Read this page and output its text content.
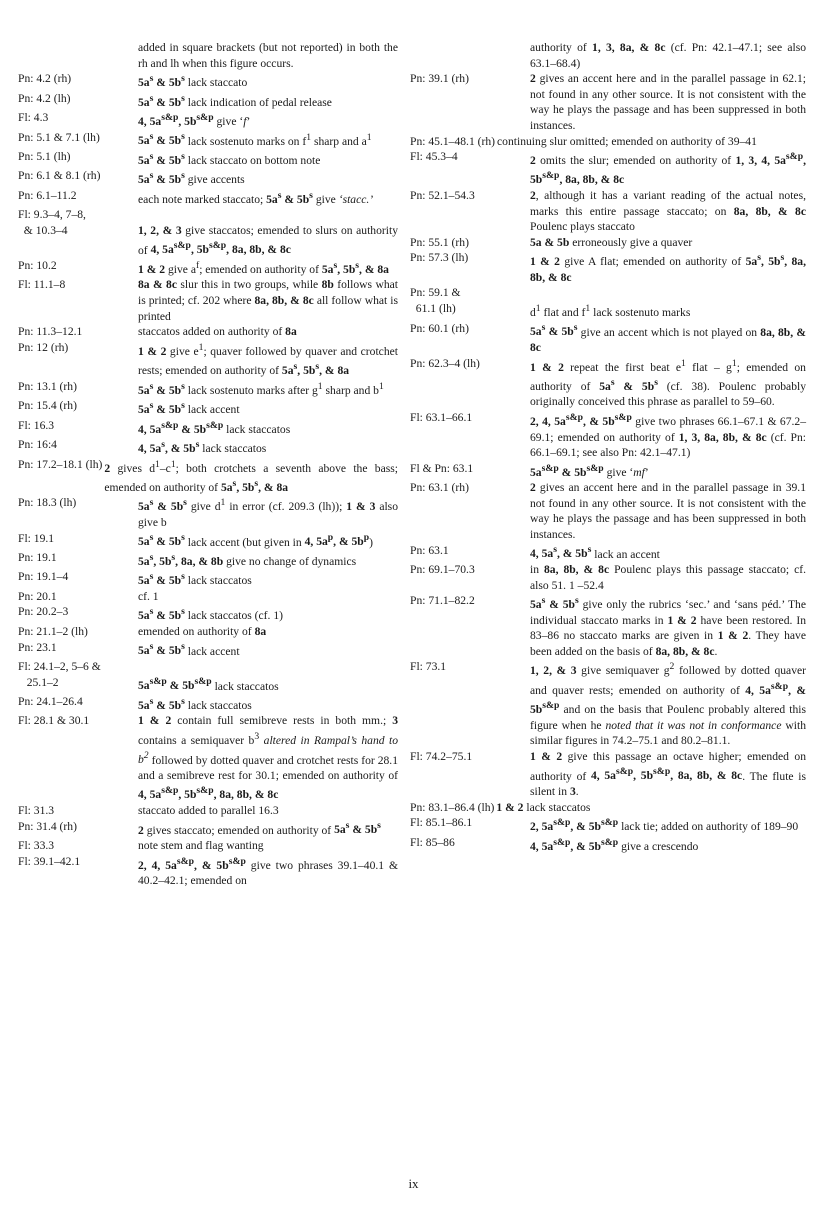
added in square brackets (but not reported) in both the rh and lh when this figure occurs.
Pn: 4.2 (rh)	$5a^s$ & $5b^s$ lack staccato
Pn: 4.2 (lh)	$5a^s$ & $5b^s$ lack indication of pedal release
Fl: 4.3	4, $5a^{s\&p}$, $5b^{s\&p}$ give ‘f’
Pn: 5.1 & 7.1 (lh)	$5a^s$ & $5b^s$ lack sostenuto marks on $f^1$ sharp and $a^1$
Pn: 5.1 (lh)	$5a^s$ & $5b^s$ lack staccato on bottom note
Pn: 6.1 & 8.1 (rh)	$5a^s$ & $5b^s$ give accents
Pn: 6.1–11.2	each note marked staccato; $5a^s$ & $5b^s$ give ‘stacc.’
Fl: 9.3–4, 7–8,
& 10.3–4	1, 2, & 3 give staccatos; emended to slurs on authority of 4, $5a^{s\&p}$, $5b^{s\&p}$, 8a, 8b, & 8c
Pn: 10.2	1 & 2 give $a^f$; emended on authority of $5a^s$, $5b^s$, & 8a
Fl: 11.1–8	8a & 8c slur this in two groups, while 8b follows what is printed; cf. 202 where 8a, 8b, & 8c all follow what is printed
Pn: 11.3–12.1	staccatos added on authority of 8a
Pn: 12 (rh)	1 & 2 give $e^1$; quaver followed by quaver and crotchet rests; emended on authority of $5a^s$, $5b^s$, & 8a
Pn: 13.1 (rh)	$5a^s$ & $5b^s$ lack sostenuto marks after $g^1$ sharp and $b^1$
Pn: 15.4 (rh)	$5a^s$ & $5b^s$ lack accent
Fl: 16.3	4, $5a^{s\&p}$ & $5b^{s\&p}$ lack staccatos
Pn: 16:4	4, $5a^s$, & $5b^s$ lack staccatos
Pn: 17.2–18.1 (lh) 2 gives $d^1-c^1$; both crotchets a seventh above the bass; emended on authority of $5a^s$, $5b^s$, & 8a
Pn: 18.3 (lh)	$5a^s$ & $5b^s$ give $d^1$ in error (cf. 209.3 (lh)); 1 & 3 also give b
Fl: 19.1	$5a^s$ & $5b^s$ lack accent (but given in 4, $5a^p$, & $5b^p$)
Pn: 19.1	$5a^s$, $5b^s$, 8a, & 8b give no change of dynamics
Pn: 19.1–4	$5a^s$ & $5b^s$ lack staccatos
Pn: 20.1	cf. 1
Pn: 20.2–3	$5a^s$ & $5b^s$ lack staccatos (cf. 1)
Pn: 21.1–2 (lh)	emended on authority of 8a
Pn: 23.1	$5a^s$ & $5b^s$ lack accent
Fl: 24.1–2, 5–6 &
25.1–2	$5a^{s\&p}$ & $5b^{s\&p}$ lack staccatos
Pn: 24.1–26.4	$5a^s$ & $5b^s$ lack staccatos
Fl: 28.1 & 30.1	1 & 2 contain full semibreve rests in both mm.; 3 contains a semiquaver $b^3$ altered in Rampal’s hand to $b^2$ followed by dotted quaver and crotchet rests for 28.1 and a semibreve rest for 30.1; emended on authority of 4, $5a^{s\&p}$, $5b^{s\&p}$, 8a, 8b, & 8c
Fl: 31.3	staccato added to parallel 16.3
Pn: 31.4 (rh)	2 gives staccato; emended on authority of $5a^s$ & $5b^s$
Fl: 33.3	note stem and flag wanting
Fl: 39.1–42.1	2, 4, $5a^{s\&p}$, & $5b^{s\&p}$ give two phrases 39.1–40.1 & 40.2–42.1; emended on
authority of 1, 3, 8a, & 8c (cf. Pn: 42.1–47.1; see also 63.1–68.4)
Pn: 39.1 (rh)	2 gives an accent here and in the parallel passage in 62.1; not found in any other source. It is not consistent with the way he plays the passage and has been suppressed in both instances.
Pn: 45.1–48.1 (rh) continuing slur omitted; emended on authority of 39–41
Fl: 45.3–4	2 omits the slur; emended on authority of 1, 3, 4, $5a^{s\&p}$, $5b^{s\&p}$, 8a, 8b, & 8c
Pn: 52.1–54.3	2, although it has a variant reading of the actual notes, marks this entire passage staccato; on 8a, 8b, & 8c Poulenc plays staccato
Pn: 55.1 (rh)	5a & 5b erroneously give a quaver
Pn: 57.3 (lh)	1 & 2 give A flat; emended on authority of $5a^s$, $5b^s$, 8a, 8b, & 8c
Pn: 59.1 &
61.1 (lh)	$d^1$ flat and $f^1$ lack sostenuto marks
Pn: 60.1 (rh)	$5a^s$ & $5b^s$ give an accent which is not played on 8a, 8b, & 8c
Pn: 62.3–4 (lh)	1 & 2 repeat the first beat $e^1$ flat – $g^1$; emended on authority of $5a^s$ & $5b^s$ (cf. 38). Poulenc probably originally conceived this phrase as parallel to 59–60.
Fl: 63.1–66.1	2, 4, $5a^{s\&p}$, & $5b^{s\&p}$ give two phrases 66.1–67.1 & 67.2–69.1; emended on authority of 1, 3, 8a, 8b, & 8c (cf. Pn: 66.1–69.1; see also Pn: 42.1–47.1)
Fl & Pn: 63.1	$5a^{s\&p}$ & $5b^{s\&p}$ give ‘mf’
Pn: 63.1 (rh)	2 gives an accent here and in the parallel passage in 39.1 not found in any other source. It is not consistent with the way he plays the passage and has been suppressed in both instances.
Pn: 63.1	4, $5a^s$, & $5b^s$ lack an accent
Pn: 69.1–70.3	in 8a, 8b, & 8c Poulenc plays this passage staccato; cf. also 51. 1 –52.4
Pn: 71.1–82.2	$5a^s$ & $5b^s$ give only the rubrics ‘sec.’ and ‘sans péd.’ The individual staccato marks in 1 & 2 have been restored. In 83–86 no staccato marks are given in 1 & 2. They have been added on the basis of 8a, 8b, & 8c.
Fl: 73.1	1, 2, & 3 give semiquaver $g^2$ followed by dotted quaver and quaver rests; emended on authority of 4, $5a^{s\&p}$, & $5b^{s\&p}$ and on the basis that Poulenc probably altered this figure when he noted that it was not in conformance with similar figures in 74.2–75.1 and 80.2–81.1.
Fl: 74.2–75.1	1 & 2 give this passage an octave higher; emended on authority of 4, $5a^{s\&p}$, $5b^{s\&p}$, 8a, 8b, & 8c. The flute is silent in 3.
Pn: 83.1–86.4 (lh) 1 & 2 lack staccatos
Fl: 85.1–86.1	2, $5a^{s\&p}$, & $5b^{s\&p}$ lack tie; added on authority of 189–90
Fl: 85–86	4, $5a^{s\&p}$, & $5b^{s\&p}$ give a crescendo
ix
